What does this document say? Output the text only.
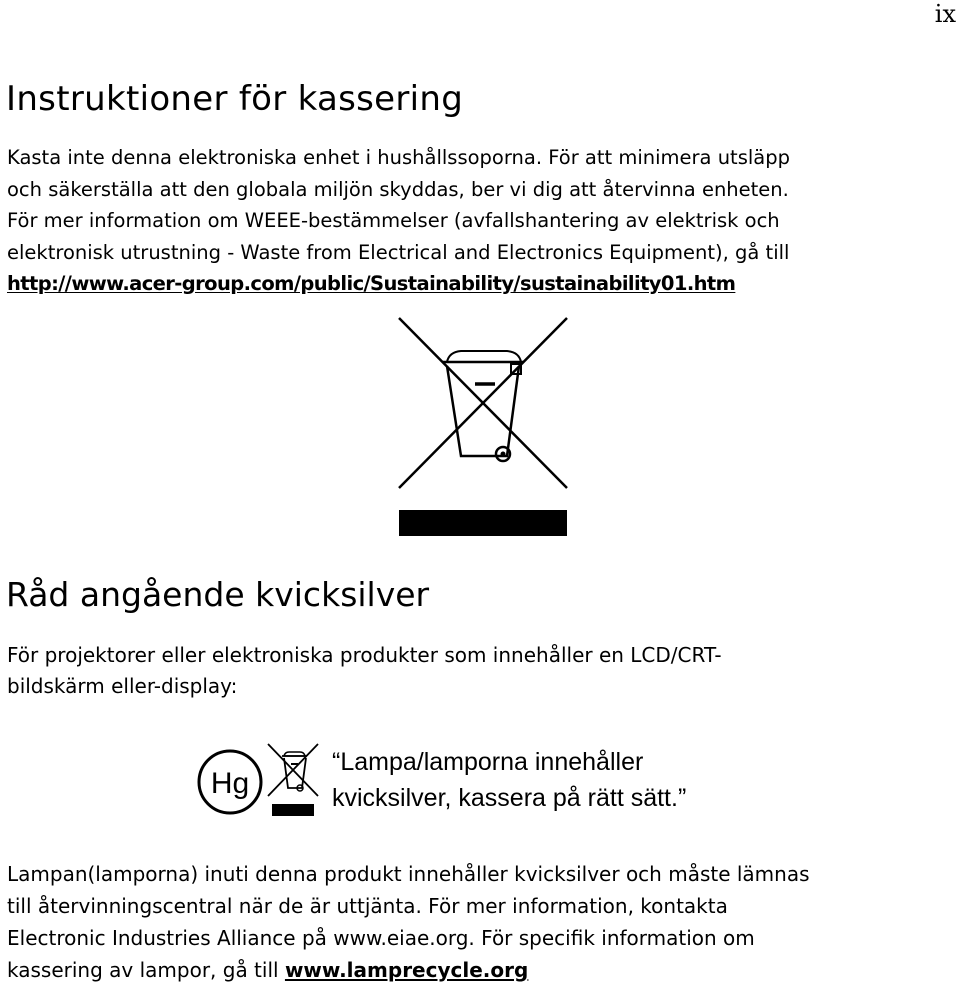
ix
Instruktioner för kassering

Kasta inte denna elektroniska enhet i hushållssoporna. För att minimera utsläpp
och säkerställa att den globala miljön skyddas, ber vi dig att återvinna enheten.
För mer information om WEEE-bestämmelser (avfallshantering av elektrisk och
elektronisk utrustning - Waste from Electrical and Electronics Equipment), gå till
http://www.acer-group.com/public/Sustainability/sustainability01.htm

Råd angående kvicksilver

För projektorer eller elektroniska produkter som innehåller en LCD/CRT-
bildskärm eller-display:

Hg

“Lampa/lamporna innehåller
kvicksilver, kassera på rätt sätt.”

Lampan(lamporna) inuti denna produkt innehåller kvicksilver och måste lämnas
till återvinningscentral när de är uttjänta. För mer information, kontakta
Electronic Industries Alliance på www.eiae.org. För specifik information om
kassering av lampor, gå till www.lamprecycle.org
